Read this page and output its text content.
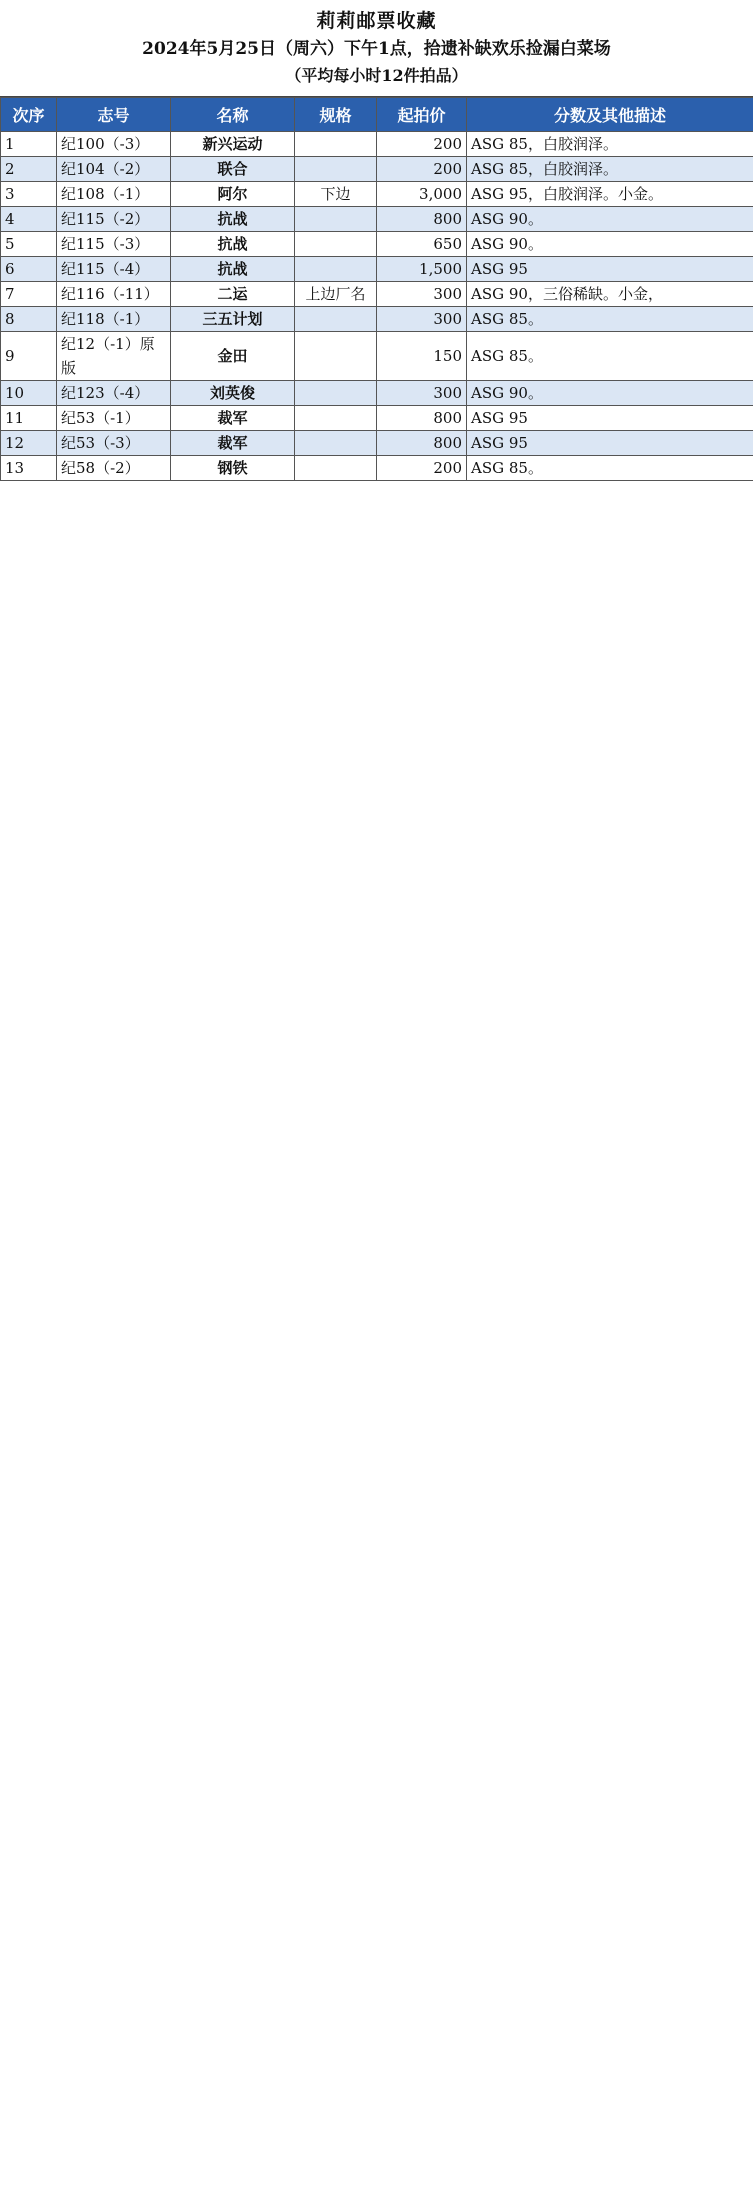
莉莉邮票收藏
2024年5月25日（周六）下午1点，拾遗补缺欢乐捡漏白菜场
（平均每小时12件拍品）
次序	志号	名称	规格	起拍价	分数及其他描述
1	纪100（-3）	新兴运动		200	ASG 85，白胶润泽。
2	纪104（-2）	联合		200	ASG 85，白胶润泽。
3	纪108（-1）	阿尔	下边	3,000	ASG 95，白胶润泽。小金。
4	纪115（-2）	抗战		800	ASG 90。
5	纪115（-3）	抗战		650	ASG 90。
6	纪115（-4）	抗战		1,500	ASG 95
7	纪116（-11）	二运	上边厂名	300	ASG 90，三俗稀缺。小金，
8	纪118（-1）	三五计划		300	ASG 85。
9	纪12（-1）原版	金田		150	ASG 85。
10	纪123（-4）	刘英俊		300	ASG 90。
11	纪53（-1）	裁军		800	ASG 95
12	纪53（-3）	裁军		800	ASG 95
13	纪58（-2）	钢铁		200	ASG 85。
